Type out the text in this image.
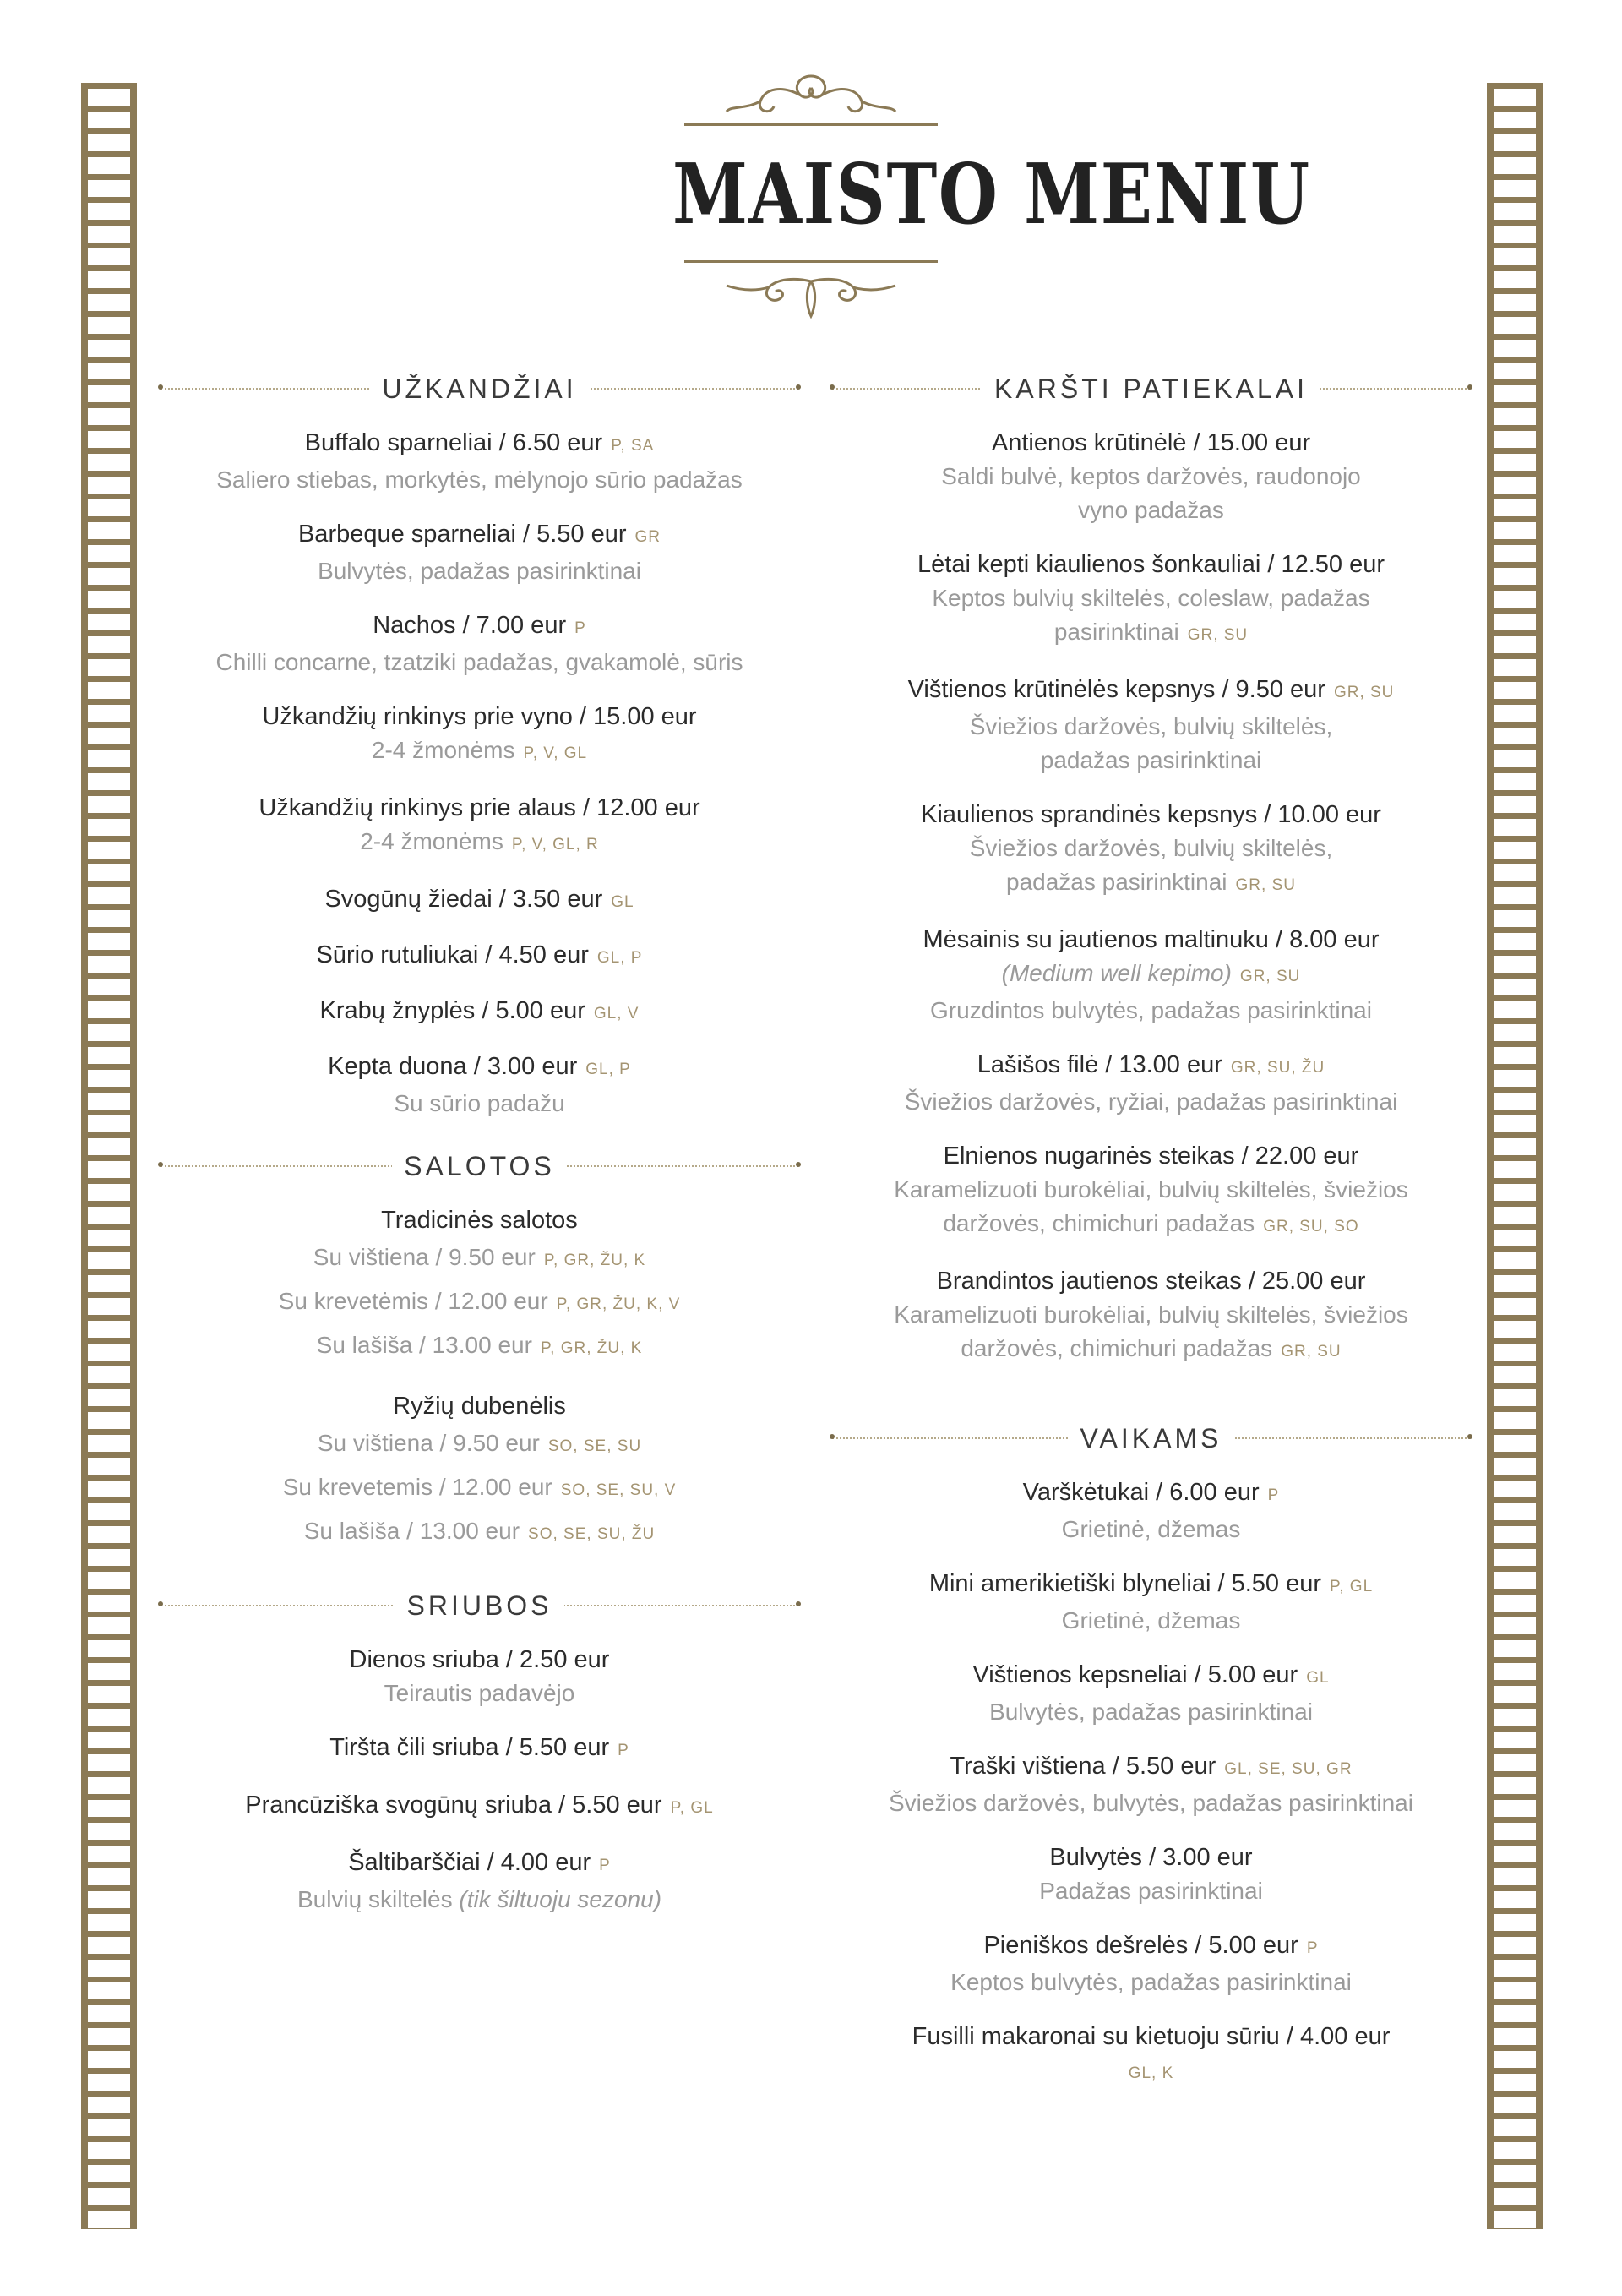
MAISTO MENIU
UŽKANDŽIAI
Buffalo sparneliai / 6.50 eur P, SA
Saliero stiebas, morkytės, mėlynojo sūrio padažas
Barbeque sparneliai / 5.50 eur GR
Bulvytės, padažas pasirinktinai
Nachos / 7.00 eur P
Chilli concarne, tzatziki padažas, gvakamolė, sūris
Užkandžių rinkinys prie vyno / 15.00 eur
2-4 žmonėms P, V, GL
Užkandžių rinkinys prie alaus / 12.00 eur
2-4 žmonėms P, V, GL, R
Svogūnų žiedai / 3.50 eur GL
Sūrio rutuliukai / 4.50 eur GL, P
Krabų žnyplės / 5.00 eur GL, V
Kepta duona / 3.00 eur GL, P
Su sūrio padažu
SALOTOS
Tradicinės salotos
Su vištiena / 9.50 eur P, GR, ŽU, K
Su krevetėmis / 12.00 eur P, GR, ŽU, K, V
Su lašiša / 13.00 eur P, GR, ŽU, K
Ryžių dubenėlis
Su vištiena / 9.50 eur SO, SE, SU
Su krevetemis / 12.00 eur SO, SE, SU, V
Su lašiša / 13.00 eur SO, SE, SU, ŽU
SRIUBOS
Dienos sriuba / 2.50 eur
Teirautis padavėjo
Tiršta čili sriuba / 5.50 eur P
Prancūziška svogūnų sriuba / 5.50 eur P, GL
Šaltibarščiai / 4.00 eur P
Bulvių skiltelės (tik šiltuoju sezonu)
KARŠTI PATIEKALAI
Antienos krūtinėlė / 15.00 eur
Saldi bulvė, keptos daržovės, raudonojo
vyno padažas
Lėtai kepti kiaulienos šonkauliai / 12.50 eur
Keptos bulvių skiltelės, coleslaw, padažas
pasirinktinai GR, SU
Vištienos krūtinėlės kepsnys / 9.50 eur GR, SU
Šviežios daržovės, bulvių skiltelės,
padažas pasirinktinai
Kiaulienos sprandinės kepsnys / 10.00 eur
Šviežios daržovės, bulvių skiltelės,
padažas pasirinktinai GR, SU
Mėsainis su jautienos maltinuku / 8.00 eur
(Medium well kepimo) GR, SU
Gruzdintos bulvytės, padažas pasirinktinai
Lašišos filė / 13.00 eur GR, SU, ŽU
Šviežios daržovės, ryžiai, padažas pasirinktinai
Elnienos nugarinės steikas / 22.00 eur
Karamelizuoti burokėliai, bulvių skiltelės, šviežios
daržovės, chimichuri padažas GR, SU, SO
Brandintos jautienos steikas / 25.00 eur
Karamelizuoti burokėliai, bulvių skiltelės, šviežios
daržovės, chimichuri padažas GR, SU
VAIKAMS
Varškėtukai / 6.00 eur P
Grietinė, džemas
Mini amerikietiški blyneliai / 5.50 eur P, GL
Grietinė, džemas
Vištienos kepsneliai / 5.00 eur GL
Bulvytės, padažas pasirinktinai
Traški vištiena / 5.50 eur GL, SE, SU, GR
Šviežios daržovės, bulvytės, padažas pasirinktinai
Bulvytės / 3.00 eur
Padažas pasirinktinai
Pieniškos dešrelės / 5.00 eur P
Keptos bulvytės, padažas pasirinktinai
Fusilli makaronai su kietuoju sūriu / 4.00 eur
GL, K
